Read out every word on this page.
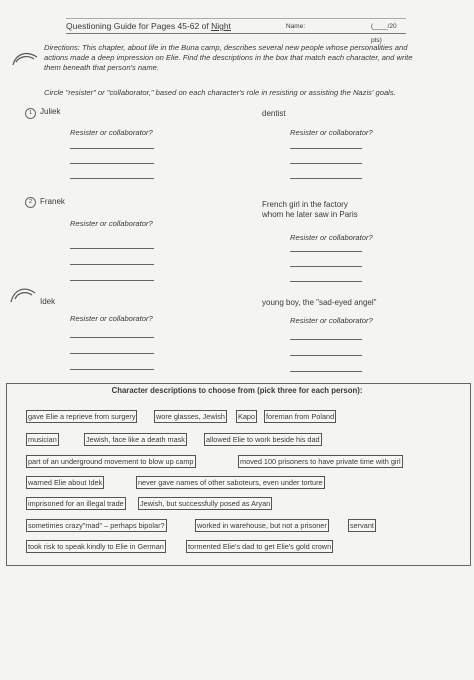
Questioning Guide for Pages 45-62 of Night	Name:	(____/20 pts)
Directions: This chapter, about life in the Buna camp, describes several new people whose personalities and actions made a deep impression on Elie. Find the descriptions in the box that match each character, and write them beneath that person's name.
Circle "resister" or "collaborator," based on each character's role in resisting or assisting the Nazis' goals.
1 Juliek
Resister or collaborator?
2 Franek
Resister or collaborator?
Idek
Resister or collaborator?
dentist
Resister or collaborator?
French girl in the factory
whom he later saw in Paris
Resister or collaborator?
young boy, the "sad-eyed angel"
Resister or collaborator?
Character descriptions to choose from (pick three for each person):
gave Elie a reprieve from surgery	wore glasses, Jewish Kapo foreman from Poland
musician	Jewish, face like a death mask	allowed Elie to work beside his dad
part of an underground movement to blow up camp	moved 100 prisoners to have private time with girl
warned Elie about Idek	never gave names of other saboteurs, even under torture
imprisoned for an illegal trade Jewish, but successfully posed as Aryan
sometimes crazy"mad" – perhaps bipolar?	worked in warehouse, but not a prisoner	servant
took risk to speak kindly to Elie in German	tormented Elie's dad to get Elie's gold crown
